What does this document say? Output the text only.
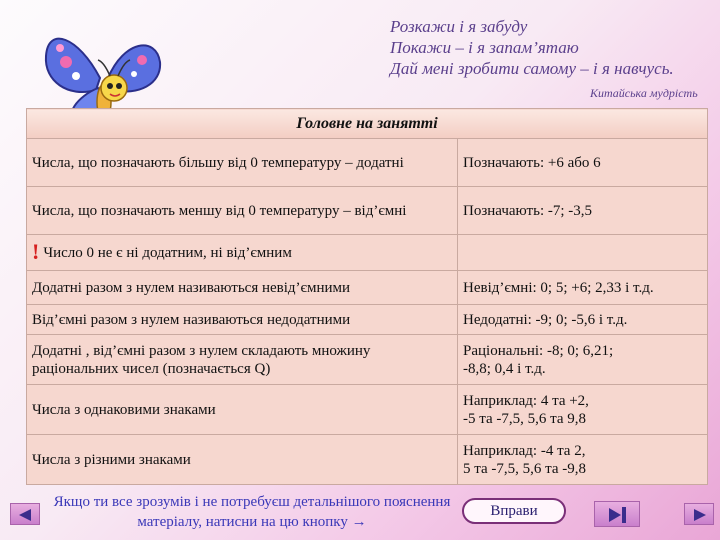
Розкажи і я забуду
Покажи – і я запам’ятаю
Дай мені зробити самому – і я навчусь.
Китайська мудрість
Головне на занятті	
Числа, що позначають більшу від 0 температуру – додатні	Позначають: +6 або 6
Числа, що позначають меншу від 0 температуру – від’ємні	Позначають: -7; -3,5
! Число 0 не є ні додатним, ні від’ємним	
Додатні разом з нулем називаються невід’ємними	Невід’ємні: 0; 5; +6; 2,33 і т.д.
Від’ємні разом з нулем називаються недодатними	Недодатні: -9; 0; -5,6 і т.д.
Додатні , від’ємні разом з нулем складають множину раціональних чисел (позначається Q)	Раціональні: -8; 0; 6,21;
-8,8; 0,4 і т.д.

Числа з однаковими знаками	Наприклад: 4 та +2,
-5 та -7,5, 5,6 та 9,8

Числа з різними знаками	Наприклад: -4 та 2,
5 та -7,5, 5,6 та -9,8
Якщо ти все зрозумів і не потребуєш детальнішого пояснення матеріалу, натисни на цю кнопку →
Вправи
